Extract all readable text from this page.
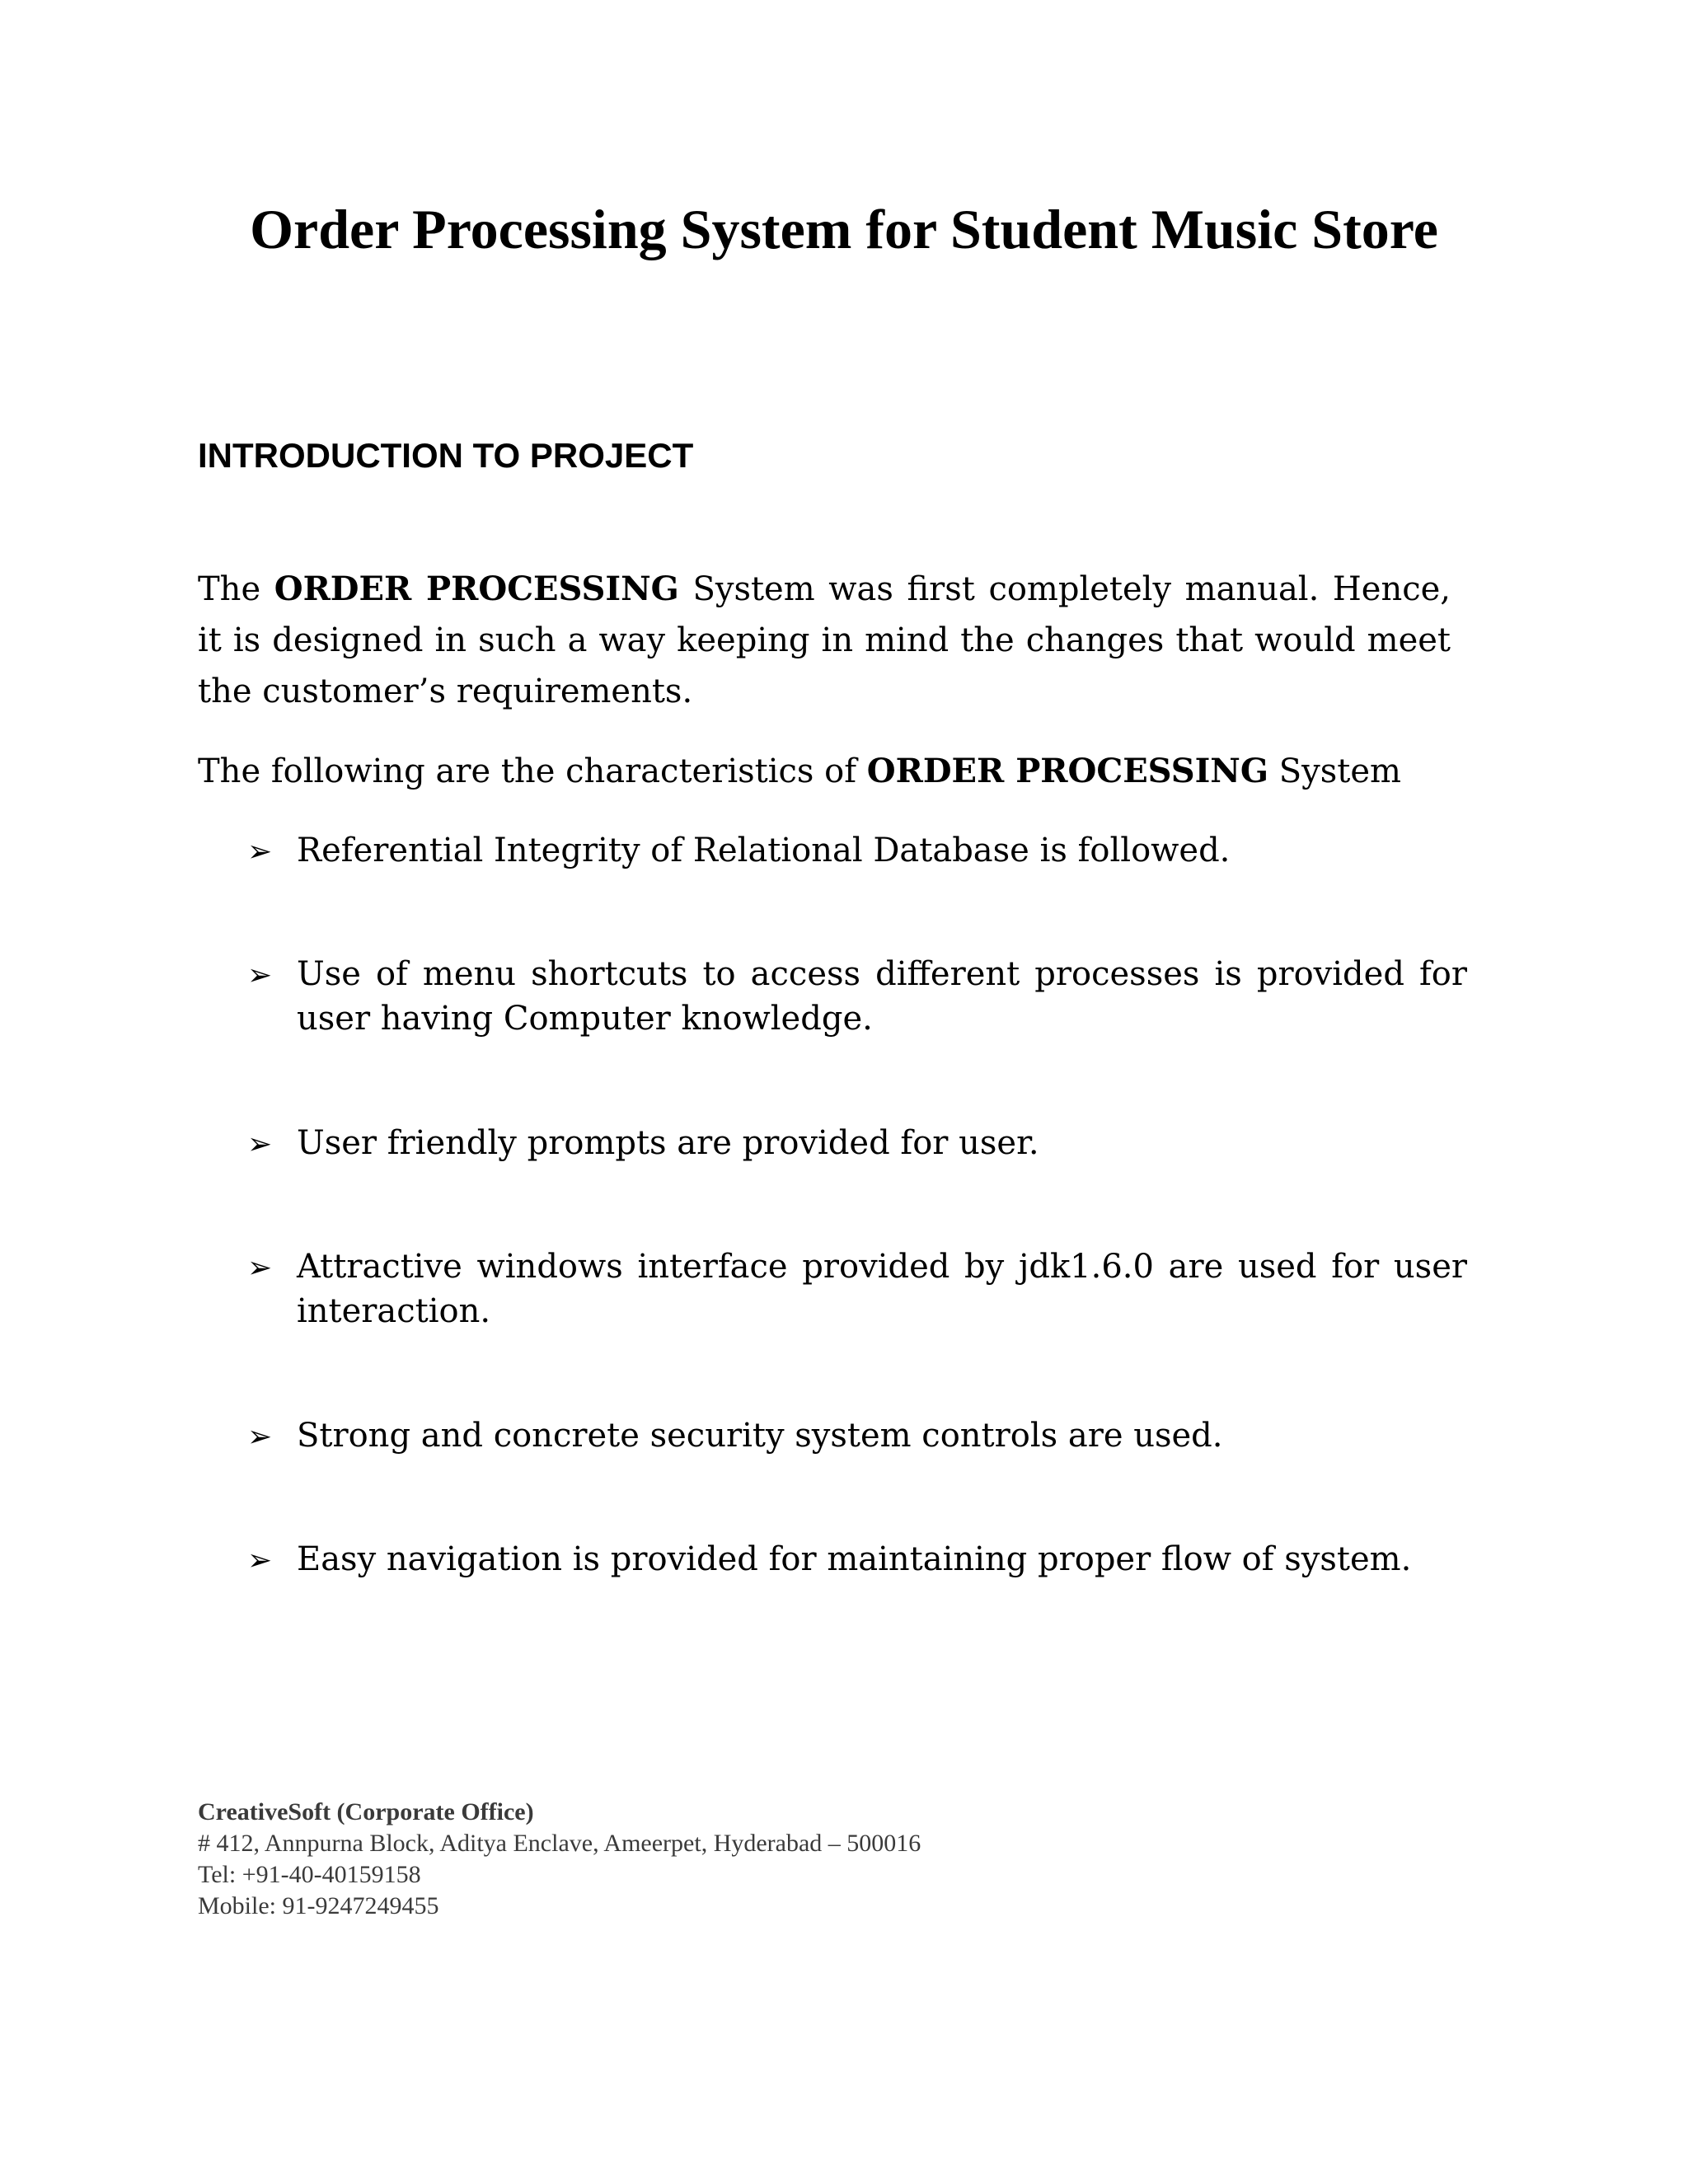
Order Processing System for Student Music Store
INTRODUCTION TO PROJECT

The ORDER PROCESSING System was first completely manual. Hence, it is designed in such a way keeping in mind the changes that would meet the customer’s requirements.

The following are the characteristics of ORDER PROCESSING System

➢ Referential Integrity of Relational Database is followed.
➢ Use of menu shortcuts to access different processes is provided for user having Computer knowledge.
➢ User friendly prompts are provided for user.
➢ Attractive windows interface provided by jdk1.6.0 are used for user interaction.
➢ Strong and concrete security system controls are used.
➢ Easy navigation is provided for maintaining proper flow of system.
CreativeSoft (Corporate Office)
# 412, Annpurna Block, Aditya Enclave, Ameerpet, Hyderabad – 500016
Tel: +91-40-40159158
Mobile: 91-9247249455
